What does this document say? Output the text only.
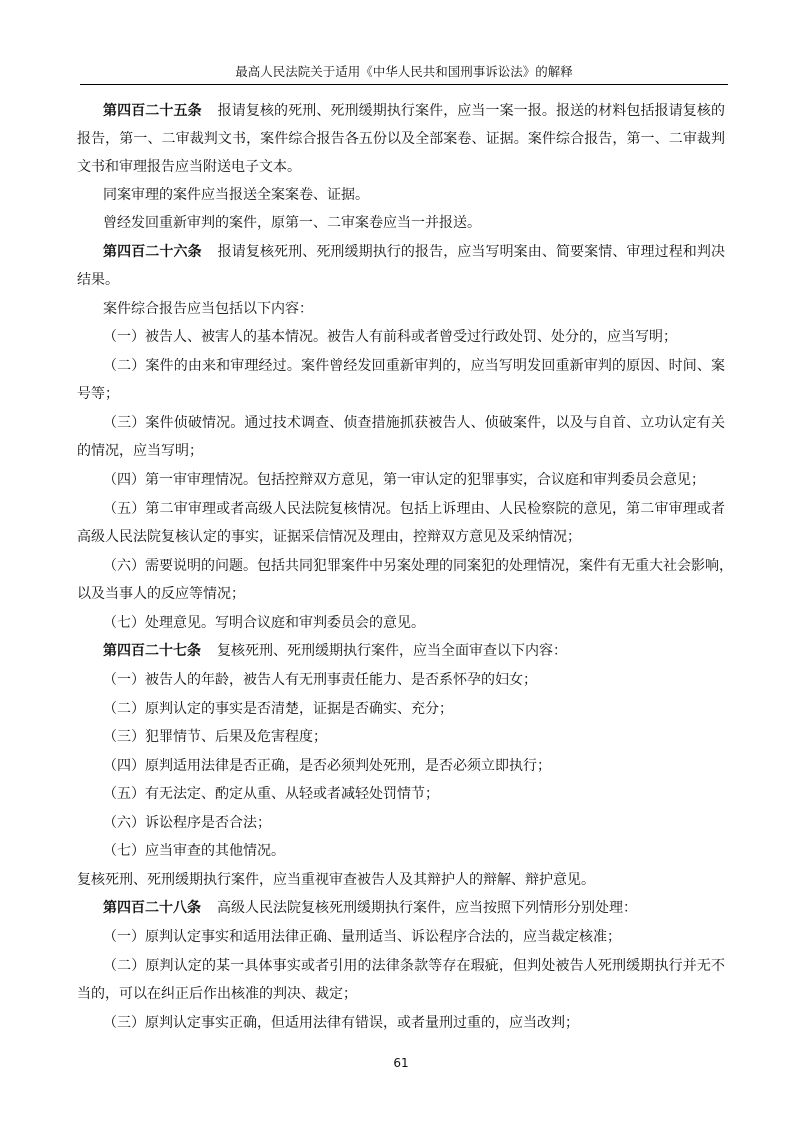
最高人民法院关于适用《中华人民共和国刑事诉讼法》的解释
第四百二十五条 报请复核的死刑、死刑缓期执行案件，应当一案一报。报送的材料包括报请复核的
报告，第一、二审裁判文书，案件综合报告各五份以及全部案卷、证据。案件综合报告，第一、二审裁判
文书和审理报告应当附送电子文本。
同案审理的案件应当报送全案案卷、证据。
曾经发回重新审判的案件，原第一、二审案卷应当一并报送。
第四百二十六条 报请复核死刑、死刑缓期执行的报告，应当写明案由、简要案情、审理过程和判决
结果。
案件综合报告应当包括以下内容：
（一）被告人、被害人的基本情况。被告人有前科或者曾受过行政处罚、处分的，应当写明；
（二）案件的由来和审理经过。案件曾经发回重新审判的，应当写明发回重新审判的原因、时间、案
号等；
（三）案件侦破情况。通过技术调查、侦查措施抓获被告人、侦破案件，以及与自首、立功认定有关
的情况，应当写明；
（四）第一审审理情况。包括控辩双方意见，第一审认定的犯罪事实，合议庭和审判委员会意见；
（五）第二审审理或者高级人民法院复核情况。包括上诉理由、人民检察院的意见，第二审审理或者
高级人民法院复核认定的事实，证据采信情况及理由，控辩双方意见及采纳情况；
（六）需要说明的问题。包括共同犯罪案件中另案处理的同案犯的处理情况，案件有无重大社会影响，
以及当事人的反应等情况；
（七）处理意见。写明合议庭和审判委员会的意见。
第四百二十七条 复核死刑、死刑缓期执行案件，应当全面审查以下内容：
（一）被告人的年龄，被告人有无刑事责任能力、是否系怀孕的妇女；
（二）原判认定的事实是否清楚，证据是否确实、充分；
（三）犯罪情节、后果及危害程度；
（四）原判适用法律是否正确，是否必须判处死刑，是否必须立即执行；
（五）有无法定、酌定从重、从轻或者减轻处罚情节；
（六）诉讼程序是否合法；
（七）应当审查的其他情况。
复核死刑、死刑缓期执行案件，应当重视审查被告人及其辩护人的辩解、辩护意见。
第四百二十八条 高级人民法院复核死刑缓期执行案件，应当按照下列情形分别处理：
（一）原判认定事实和适用法律正确、量刑适当、诉讼程序合法的，应当裁定核准；
（二）原判认定的某一具体事实或者引用的法律条款等存在瑕疵，但判处被告人死刑缓期执行并无不
当的，可以在纠正后作出核准的判决、裁定；
（三）原判认定事实正确，但适用法律有错误，或者量刑过重的，应当改判；
61
